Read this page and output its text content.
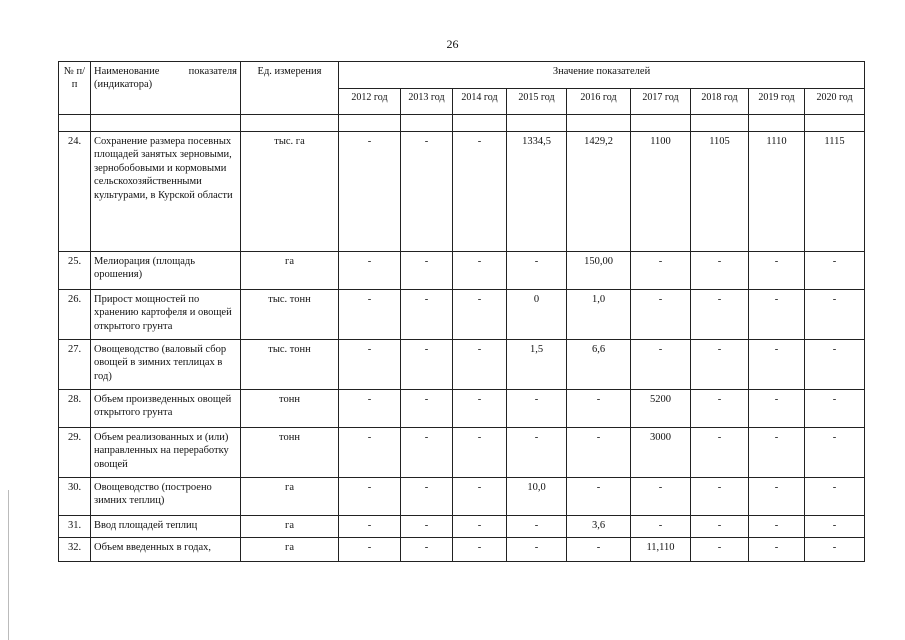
26
№ п/п	Наименование показателя (индикатора)	Ед. измерения	Значение показателей								
			2012 год	2013 год	2014 год	2015 год	2016 год	2017 год	2018 год	2019 год	2020 год

24.	Сохранение размера посевных площадей занятых зерновыми, зернобобовыми и кормовыми сельскохозяйственными культурами, в Курской области	тыс. га	-	-	-	1334,5	1429,2	1100	1105	1110	1115
25.	Мелиорация (площадь орошения)	га	-	-	-	-	150,00	-	-	-	-
26.	Прирост мощностей по хранению картофеля и овощей открытого грунта	тыс. тонн	-	-	-	0	1,0	-	-	-	-
27.	Овощеводство (валовый сбор овощей в зимних теплицах в год)	тыс. тонн	-	-	-	1,5	6,6	-	-	-	-
28.	Объем произведенных овощей открытого грунта	тонн	-	-	-	-	-	5200	-	-	-
29.	Объем реализованных и (или) направленных на переработку овощей	тонн	-	-	-	-	-	3000	-	-	-
30.	Овощеводство (построено зимних теплиц)	га	-	-	-	10,0	-	-	-	-	-
31.	Ввод площадей теплиц	га	-	-	-	-	3,6	-	-	-	-
32.	Объем введенных в годах,	га	-	-	-	-	-	11,110	-	-	-
